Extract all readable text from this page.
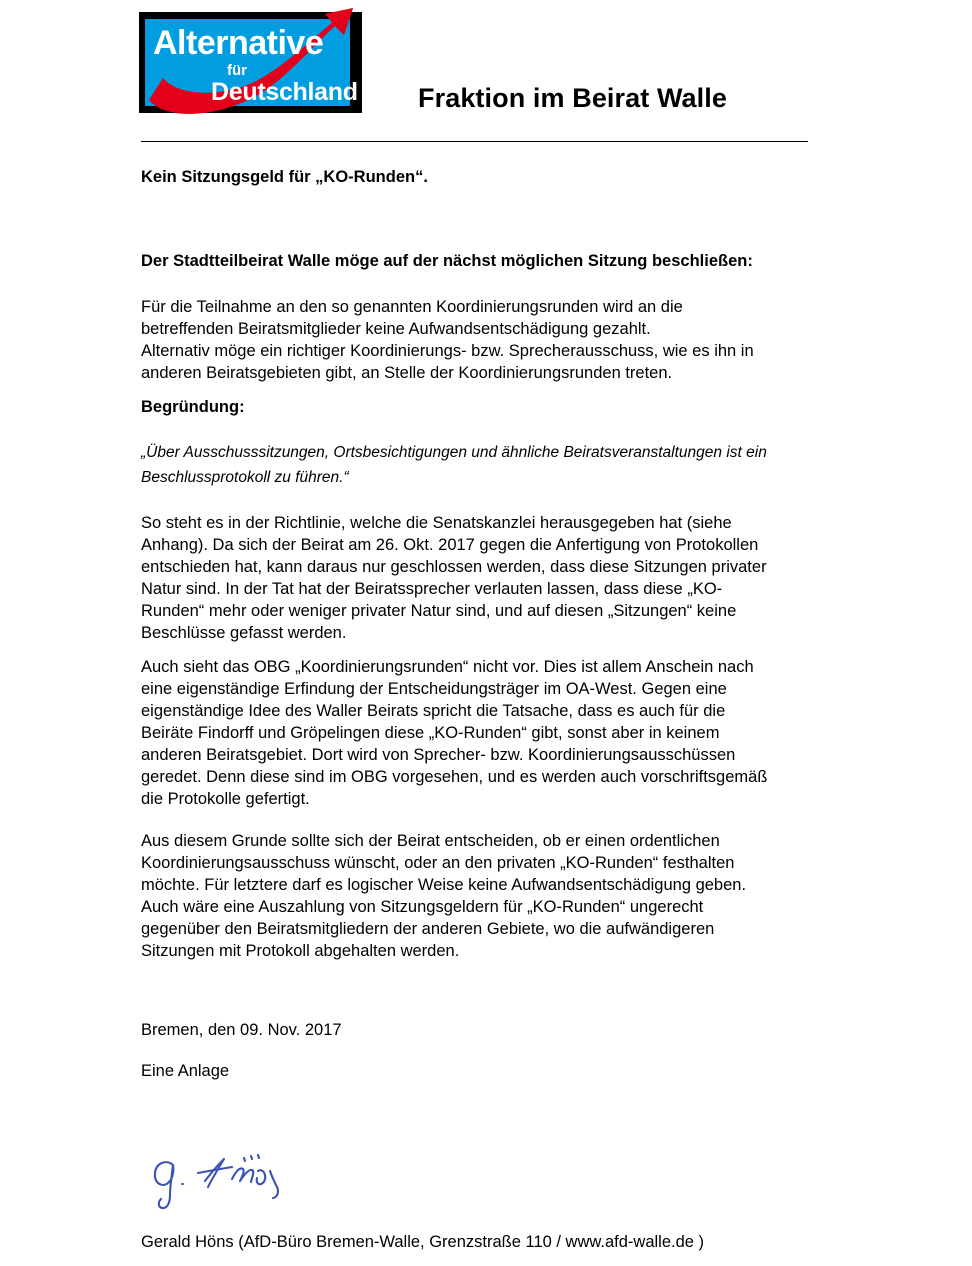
Alternative
für
Deutschland Fraktion im Beirat Walle
Kein Sitzungsgeld für „KO-Runden“.
Der Stadtteilbeirat Walle möge auf der nächst möglichen Sitzung beschließen:
Für die Teilnahme an den so genannten Koordinierungsrunden wird an die
betreffenden Beiratsmitglieder keine Aufwandsentschädigung gezahlt.
Alternativ möge ein richtiger Koordinierungs- bzw. Sprecherausschuss, wie es ihn in
anderen Beiratsgebieten gibt, an Stelle der Koordinierungsrunden treten.
Begründung:
„Über Ausschusssitzungen, Ortsbesichtigungen und ähnliche Beiratsveranstaltungen ist ein
Beschlussprotokoll zu führen.“
So steht es in der Richtlinie, welche die Senatskanzlei herausgegeben hat (siehe
Anhang). Da sich der Beirat am 26. Okt. 2017 gegen die Anfertigung von Protokollen
entschieden hat, kann daraus nur geschlossen werden, dass diese Sitzungen privater
Natur sind. In der Tat hat der Beiratssprecher verlauten lassen, dass diese „KO-
Runden“ mehr oder weniger privater Natur sind, und auf diesen „Sitzungen“ keine
Beschlüsse gefasst werden.
Auch sieht das OBG „Koordinierungsrunden“ nicht vor. Dies ist allem Anschein nach
eine eigenständige Erfindung der Entscheidungsträger im OA-West. Gegen eine
eigenständige Idee des Waller Beirats spricht die Tatsache, dass es auch für die
Beiräte Findorff und Gröpelingen diese „KO-Runden“ gibt, sonst aber in keinem
anderen Beiratsgebiet. Dort wird von Sprecher- bzw. Koordinierungsausschüssen
geredet. Denn diese sind im OBG vorgesehen, und es werden auch vorschriftsgemäß
die Protokolle gefertigt.
Aus diesem Grunde sollte sich der Beirat entscheiden, ob er einen ordentlichen
Koordinierungsausschuss wünscht, oder an den privaten „KO-Runden“ festhalten
möchte. Für letztere darf es logischer Weise keine Aufwandsentschädigung geben.
Auch wäre eine Auszahlung von Sitzungsgeldern für „KO-Runden“ ungerecht
gegenüber den Beiratsmitgliedern der anderen Gebiete, wo die aufwändigeren
Sitzungen mit Protokoll abgehalten werden.
Bremen, den 09. Nov. 2017
Eine Anlage
Gerald Höns (AfD-Büro Bremen-Walle, Grenzstraße 110 / www.afd-walle.de )
